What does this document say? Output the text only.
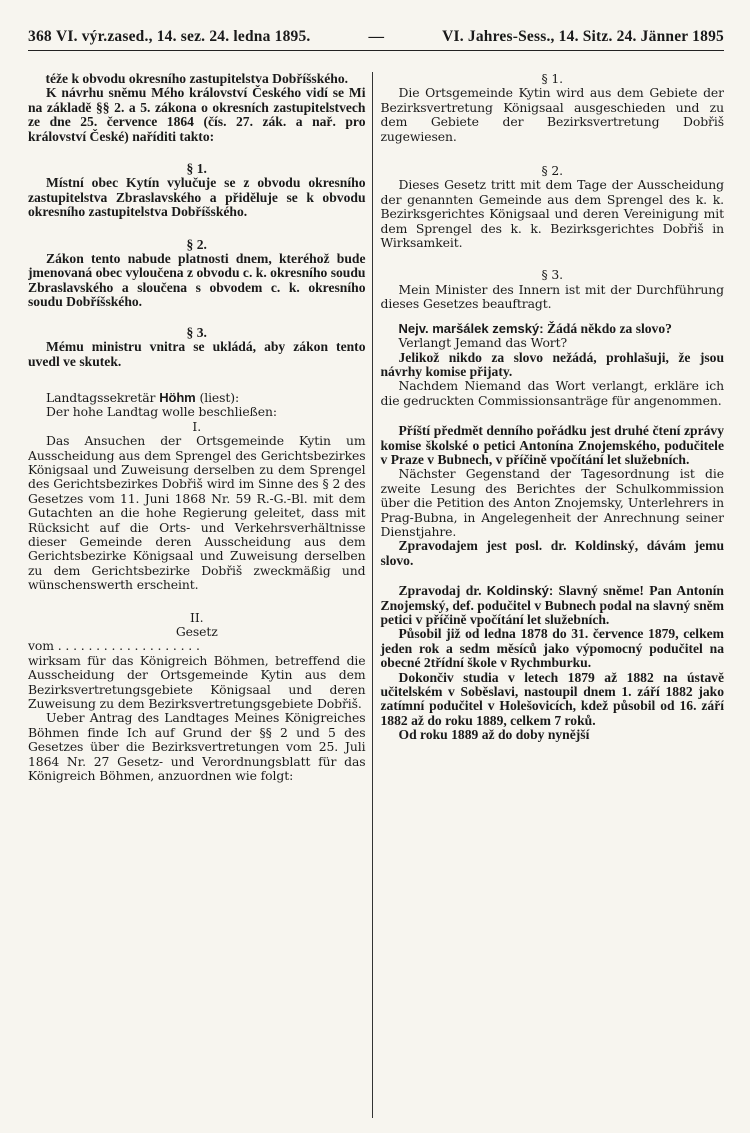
368 VI. výr.zased., 14. sez. 24. ledna 1895.	—	VI. Jahres-Sess., 14. Sitz. 24. Jänner 1895

téže k obvodu okresního zastupitelstva Dobříšského.

K návrhu sněmu Mého království Českého vidí se Mi na základě §§ 2. a 5. zákona o okresních zastupitelstvech ze dne 25. července 1864 (čís. 27. zák. a nař. pro království České) naříditi takto:

§ 1.

Místní obec Kytín vylučuje se z obvodu okresního zastupitelstva Zbraslavského a přiděluje se k obvodu okresního zastupitelstva Dobříšského.

§ 2.

Zákon tento nabude platnosti dnem, kteréhož bude jmenovaná obec vyloučena z obvodu c. k. okresního soudu Zbraslavského a sloučena s obvodem c. k. okresního soudu Dobříšského.

§ 3.

Mému ministru vnitra se ukládá, aby zákon tento uvedl ve skutek.

Landtagssekretär Höhm (liest):

Der hohe Landtag wolle beschließen:

I.

Das Ansuchen der Ortsgemeinde Kytin um Ausscheidung aus dem Sprengel des Gerichtsbezirkes Königsaal und Zuweisung derselben zu dem Sprengel des Gerichtsbezirkes Dobřiš wird im Sinne des § 2 des Gesetzes vom 11. Juni 1868 Nr. 59 R.-G.-Bl. mit dem Gutachten an die hohe Regierung geleitet, dass mit Rücksicht auf die Orts- und Verkehrsverhältnisse dieser Gemeinde deren Ausscheidung aus dem Gerichtsbezirke Königsaal und Zuweisung derselben zu dem Gerichtsbezirke Dobřiš zweckmäßig und wünschenswerth erscheint.

II.

Gesetz

vom . . . . . . . . . . . . . . . . . . .

wirksam für das Königreich Böhmen, betreffend die Ausscheidung der Ortsgemeinde Kytin aus dem Bezirksvertretungsgebiete Königsaal und deren Zuweisung zu dem Bezirksvertretungsgebiete Dobřiš.

Ueber Antrag des Landtages Meines Königreiches Böhmen finde Ich auf Grund der §§ 2 und 5 des Gesetzes über die Bezirksvertretungen vom 25. Juli 1864 Nr. 27 Gesetz- und Verordnungsblatt für das Königreich Böhmen, anzuordnen wie folgt:

§ 1.

Die Ortsgemeinde Kytin wird aus dem Gebiete der Bezirksvertretung Königsaal ausgeschieden und zu dem Gebiete der Bezirksvertretung Dobřiš zugewiesen.

§ 2.

Dieses Gesetz tritt mit dem Tage der Ausscheidung der genannten Gemeinde aus dem Sprengel des k. k. Bezirksgerichtes Königsaal und deren Vereinigung mit dem Sprengel des k. k. Bezirksgerichtes Dobřiš in Wirksamkeit.

§ 3.

Mein Minister des Innern ist mit der Durchführung dieses Gesetzes beauftragt.

Nejv. maršálek zemský: Žádá někdo za slovo?

Verlangt Jemand das Wort?

Jelikož nikdo za slovo nežádá, prohlašuji, že jsou návrhy komise přijaty.

Nachdem Niemand das Wort verlangt, erkläre ich die gedruckten Commissionsanträge für angenommen.

Příští předmět denního pořádku jest druhé čtení zprávy komise školské o petici Antonína Znojemského, podučitele v Praze v Bubnech, v příčině vpočítání let služebních.

Nächster Gegenstand der Tagesordnung ist die zweite Lesung des Berichtes der Schulkommission über die Petition des Anton Znojemsky, Unterlehrers in Prag-Bubna, in Angelegenheit der Anrechnung seiner Dienstjahre.

Zpravodajem jest posl. dr. Koldinský, dávám jemu slovo.

Zpravodaj dr. Koldinský: Slavný sněme! Pan Antonín Znojemský, def. podučitel v Bubnech podal na slavný sněm petici v příčině vpočítání let služebních.

Působil již od ledna 1878 do 31. července 1879, celkem jeden rok a sedm měsíců jako výpomocný podučitel na obecné 2třídní škole v Rychmburku.

Dokončiv studia v letech 1879 až 1882 na ústavě učitelském v Soběslavi, nastoupil dnem 1. září 1882 jako zatímní podučitel v Holešovicích, kdež působil od 16. září 1882 až do roku 1889, celkem 7 roků.

Od roku 1889 až do doby nynější
